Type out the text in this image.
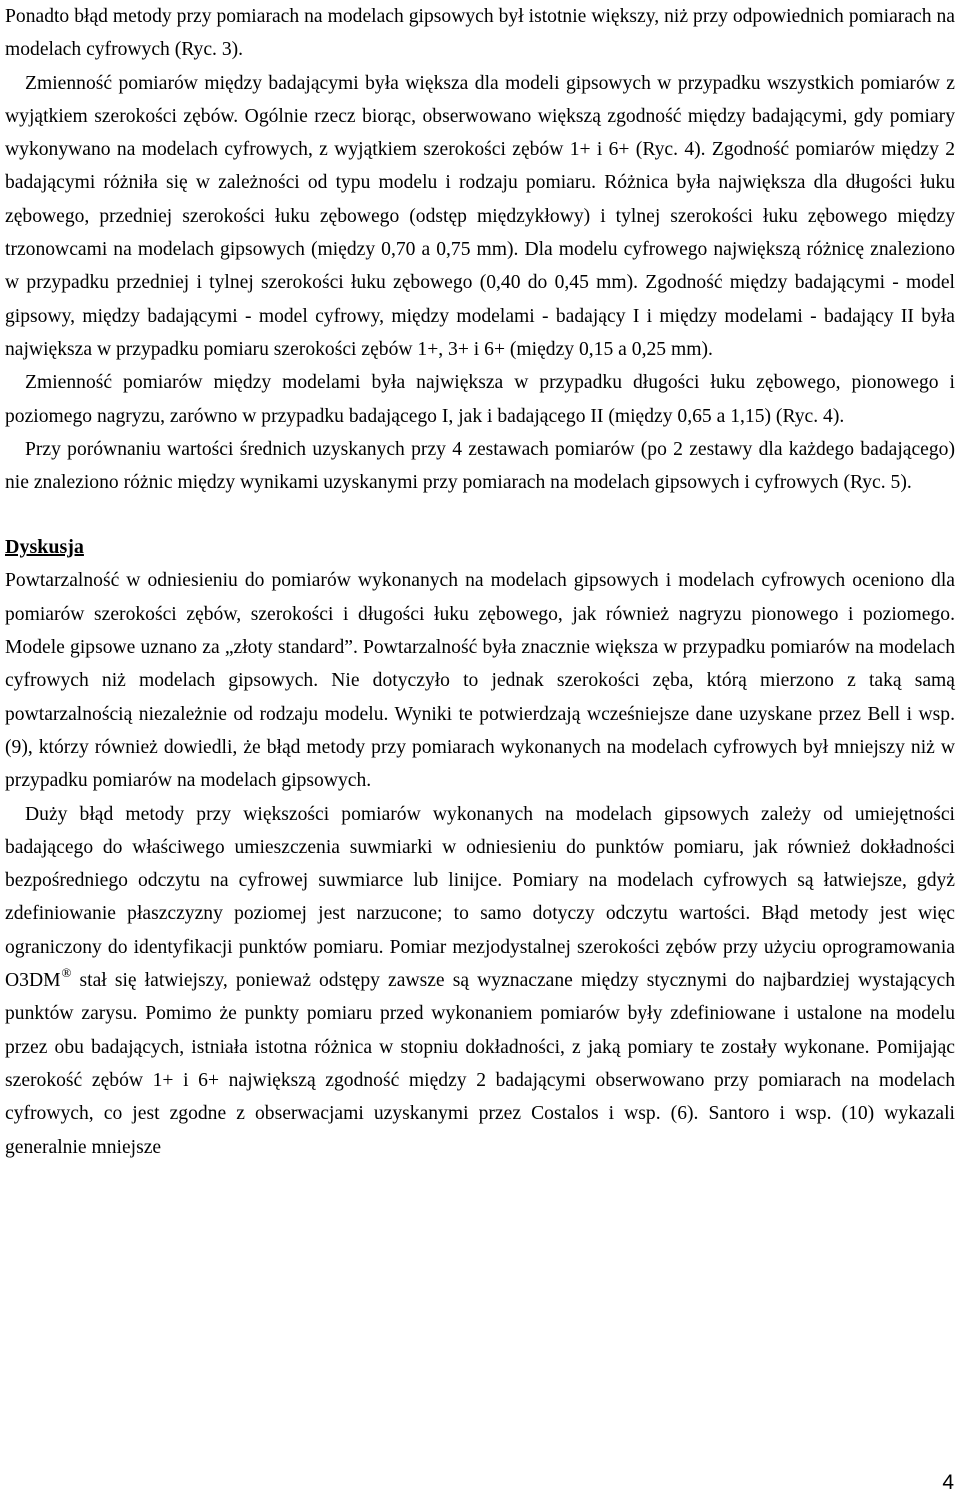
Ponadto błąd metody przy pomiarach na modelach gipsowych był istotnie większy, niż przy odpowiednich pomiarach na modelach cyfrowych (Ryc. 3).

Zmienność pomiarów między badającymi była większa dla modeli gipsowych w przypadku wszystkich pomiarów z wyjątkiem szerokości zębów. Ogólnie rzecz biorąc, obserwowano większą zgodność między badającymi, gdy pomiary wykonywano na modelach cyfrowych, z wyjątkiem szerokości zębów 1+ i 6+ (Ryc. 4). Zgodność pomiarów między 2 badającymi różniła się w zależności od typu modelu i rodzaju pomiaru. Różnica była największa dla długości łuku zębowego, przedniej szerokości łuku zębowego (odstęp międzykłowy) i tylnej szerokości łuku zębowego między trzonowcami na modelach gipsowych (między 0,70 a 0,75 mm). Dla modelu cyfrowego największą różnicę znaleziono w przypadku przedniej i tylnej szerokości łuku zębowego (0,40 do 0,45 mm). Zgodność między badającymi - model gipsowy, między badającymi - model cyfrowy, między modelami - badający I i między modelami - badający II była największa w przypadku pomiaru szerokości zębów 1+, 3+ i 6+ (między 0,15 a 0,25 mm).

Zmienność pomiarów między modelami była największa w przypadku długości łuku zębowego, pionowego i poziomego nagryzu, zarówno w przypadku badającego I, jak i badającego II (między 0,65 a 1,15) (Ryc. 4).

Przy porównaniu wartości średnich uzyskanych przy 4 zestawach pomiarów (po 2 zestawy dla każdego badającego) nie znaleziono różnic między wynikami uzyskanymi przy pomiarach na modelach gipsowych i cyfrowych (Ryc. 5).

Dyskusja

Powtarzalność w odniesieniu do pomiarów wykonanych na modelach gipsowych i modelach cyfrowych oceniono dla pomiarów szerokości zębów, szerokości i długości łuku zębowego, jak również nagryzu pionowego i poziomego. Modele gipsowe uznano za „złoty standard”. Powtarzalność była znacznie większa w przypadku pomiarów na modelach cyfrowych niż modelach gipsowych. Nie dotyczyło to jednak szerokości zęba, którą mierzono z taką samą powtarzalnością niezależnie od rodzaju modelu. Wyniki te potwierdzają wcześniejsze dane uzyskane przez Bell i wsp. (9), którzy również dowiedli, że błąd metody przy pomiarach wykonanych na modelach cyfrowych był mniejszy niż w przypadku pomiarów na modelach gipsowych.

Duży błąd metody przy większości pomiarów wykonanych na modelach gipsowych zależy od umiejętności badającego do właściwego umieszczenia suwmiarki w odniesieniu do punktów pomiaru, jak również dokładności bezpośredniego odczytu na cyfrowej suwmiarce lub linijce. Pomiary na modelach cyfrowych są łatwiejsze, gdyż zdefiniowanie płaszczyzny poziomej jest narzucone; to samo dotyczy odczytu wartości. Błąd metody jest więc ograniczony do identyfikacji punktów pomiaru. Pomiar mezjodystalnej szerokości zębów przy użyciu oprogramowania O3DM® stał się łatwiejszy, ponieważ odstępy zawsze są wyznaczane między stycznymi do najbardziej wystających punktów zarysu. Pomimo że punkty pomiaru przed wykonaniem pomiarów były zdefiniowane i ustalone na modelu przez obu badających, istniała istotna różnica w stopniu dokładności, z jaką pomiary te zostały wykonane. Pomijając szerokość zębów 1+ i 6+ największą zgodność między 2 badającymi obserwowano przy pomiarach na modelach cyfrowych, co jest zgodne z obserwacjami uzyskanymi przez Costalos i wsp. (6). Santoro i wsp. (10) wykazali generalnie mniejsze

4
